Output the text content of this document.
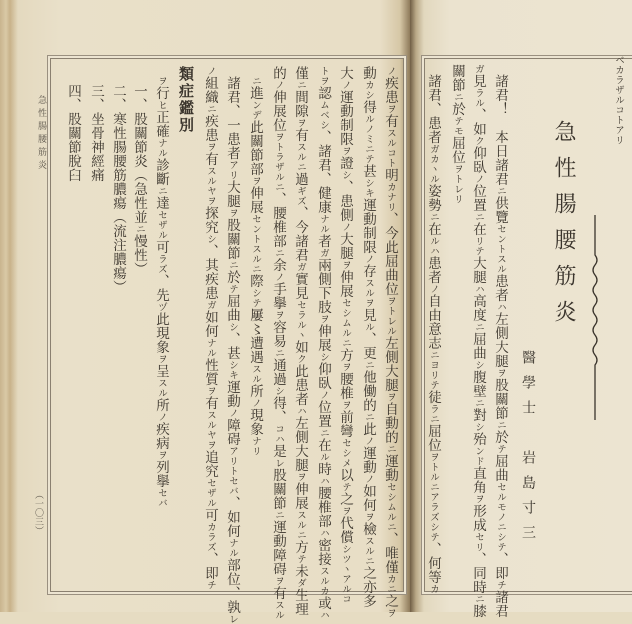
ベカラザルコトアリ
急性腸腰筋炎
醫學士　岩島寸三
諸君！　本日諸君ニ供覽セントスル患者ハ左側大腿ヲ股關節ニ於テ屈曲セルモノニシテ、即チ諸君
ガ見ラル、如ク仰臥ノ位置ニ在リテ大腿ハ高度ニ屈曲シ腹壁ニ對シ殆ンド直角ヲ形成セリ、同時ニ膝
關節ニ於テモ屈位ヲトレリ
諸君、患者ガカヽル姿勢ニ在ルハ患者ノ自由意志ニヨリテ徒ラニ屈位ヲトルニアラズシテ、何等カ
ノ疾患ヲ有スルコト明カナリ、今此屈曲位ヲトレル左側大腿ヲ自動的ニ運動セシムルニ、唯僅カニ之ヲ
動カシ得ルノミニテ甚シキ運動制限ノ存スルヲ見ル、更ニ他働的ニ此ノ運動ノ如何ヲ檢スルニ之亦多
大ノ運動制限ヲ證シ、患側ノ大腿ヲ伸展セシムルニ方ヲ腰椎ヲ前彎セシメ以テ之ヲ代償シツヽアルコ
トヲ認ムベシ、諸君、健康ナル者ガ兩側下肢ヲ伸展シ仰臥ノ位置ニ在ル時ハ腰椎部ハ密接スルカ或ハ
僅ニ間隙ヲ有スルニ過ギズ、今諸君ガ實見セラルヽ如ク此患者ハ左側大腿ヲ伸展スルニ方テ未ダ生理
的ノ伸展位ヲトラザルニ、腰椎部ニ余ノ手擧ヲ容易ニ通過シ得、コハ是レ股關節ニ運動障碍ヲ有スル
ニ進ンデ此關節部ヲ伸展セントスルニ際シテ屢〻遭遇スル所ノ現象ナリ
諸君、一患者アリ大腿ヲ股關節ニ於テ屈曲シ、甚シキ運動ノ障碍アリトセバ、如何ナル部位、孰レ
ノ組織ニ疾患ヲ有スルヤヲ探究シ、其疾患ガ如何ナル性質ヲ有スルヤヲ追究セザル可カラズ、即チ
類症鑑別
ヲ行ヒ正確ナル診斷ニ達セザル可ラズ、先ヅ此現象ヲ呈スル所ノ疾病ヲ列擧セバ
一、股關節炎（急性並ニ慢性）
二、寒性腸腰筋膿瘍（流注膿瘍）
三、坐骨神經痛
四、股關節脫臼
急性腸腰筋炎
（一〇三）
